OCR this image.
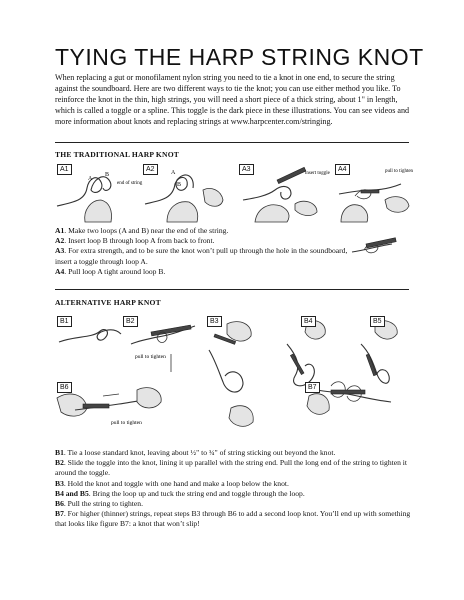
TYING THE HARP STRING KNOT

When replacing a gut or monofilament nylon string you need to tie a knot in one end, to secure the string against the soundboard. Here are two different ways to tie the knot; you can use either method you like. To reinforce the knot in the thin, high strings, you will need a short piece of a thick string, about 1" in length, which is called a toggle or a spline. This toggle is the dark piece in these illustrations. You can see videos and more information about knots and replacing strings at www.harpcenter.com/stringing.

THE TRADITIONAL HARP KNOT
A
B
end of string
A
B
insert toggle	pull to tighten
A1	A2	A3	A4

A1. Make two loops (A and B) near the end of the string.

A2. Insert loop B through loop A from back to front.

A3. For extra strength, and to be sure the knot won’t pull up through the hole in the soundboard, insert a toggle through loop A.

A4. Pull loop A tight around loop B.

ALTERNATIVE HARP KNOT
pull to tighten
pull to tighten
B1	B2	B3	B4	B5
B6	B7

B1. Tie a loose standard knot, leaving about ½" to ¾" of string sticking out beyond the knot.

B2. Slide the toggle into the knot, lining it up parallel with the string end. Pull the long end of the string to tighten it around the toggle.

B3. Hold the knot and toggle with one hand and make a loop below the knot.

B4 and B5. Bring the loop up and tuck the string end and toggle through the loop.

B6. Pull the string to tighten.

B7. For higher (thinner) strings, repeat steps B3 through B6 to add a second loop knot. You’ll end up with something that looks like figure B7: a knot that won’t slip!
